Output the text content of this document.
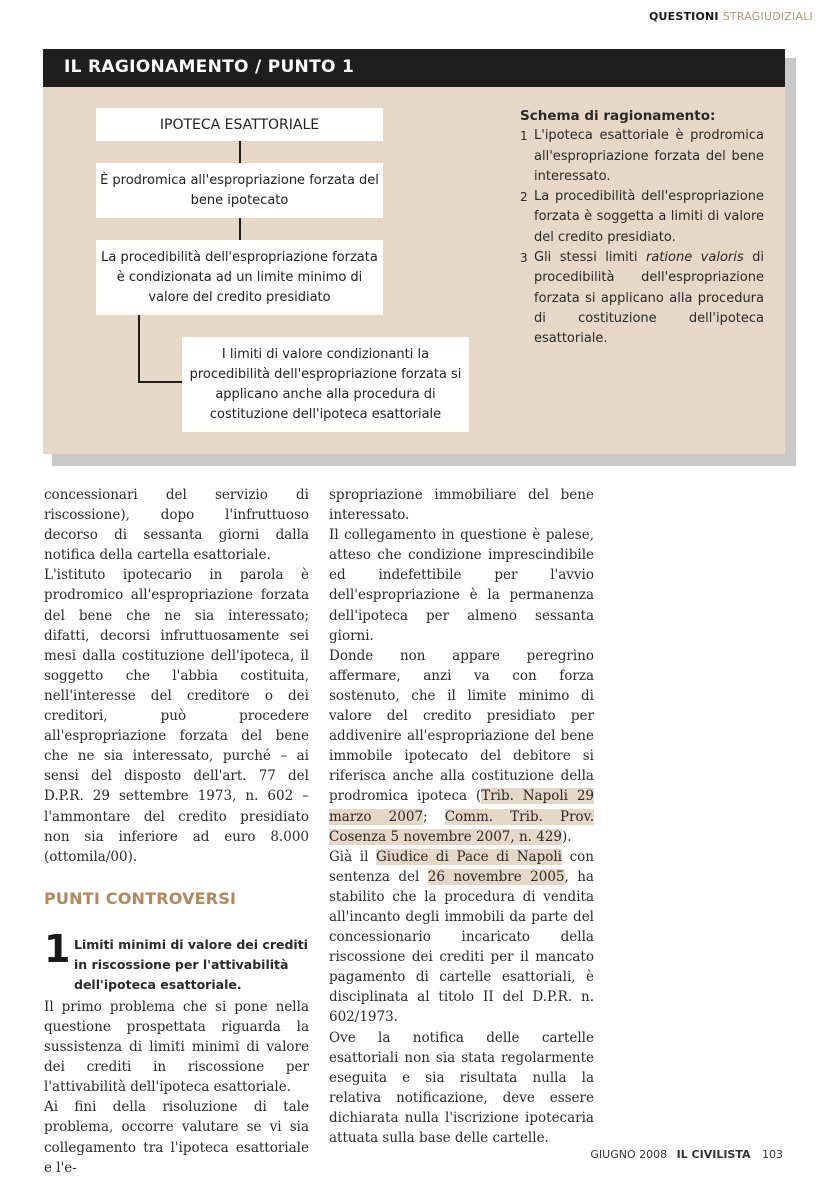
QUESTIONI STRAGIUDIZIALI
IL RAGIONAMENTO / PUNTO 1
IPOTECA ESATTORIALE
È prodromica all'espropriazione forzata del bene ipotecato
La procedibilità dell'espropriazione forzata è condizionata ad un limite minimo di valore del credito presidiato
I limiti di valore condizionanti la procedibilità dell'espropriazione forzata si applicano anche alla procedura di costituzione dell'ipoteca esattoriale
Schema di ragionamento:
1 L'ipoteca esattoriale è prodromica all'espropriazione forzata del bene interessato.
2 La procedibilità dell'espropriazione forzata è soggetta a limiti di valore del credito presidiato.
3 Gli stessi limiti ratione valoris di procedibilità dell'espropriazione forzata si applicano alla procedura di costituzione dell'ipoteca esattoriale.

concessionari del servizio di riscossione), dopo l'infruttuoso decorso di sessanta giorni dalla notifica della cartella esattoriale.

L'istituto ipotecario in parola è prodromico all'espropriazione forzata del bene che ne sia interessato; difatti, decorsi infruttuosamente sei mesi dalla costituzione dell'ipoteca, il soggetto che l'abbia costituita, nell'interesse del creditore o dei creditori, può procedere all'espropriazione forzata del bene che ne sia interessato, purché – ai sensi del disposto dell'art. 77 del D.P.R. 29 settembre 1973, n. 602 – l'ammontare del credito presidiato non sia inferiore ad euro 8.000 (ottomila/00).

PUNTI CONTROVERSI
1 Limiti minimi di valore dei crediti in riscossione per l'attivabilità dell'ipoteca esattoriale.

Il primo problema che si pone nella questione prospettata riguarda la sussistenza di limiti minimi di valore dei crediti in riscossione per l'attivabilità dell'ipoteca esattoriale.

Ai fini della risoluzione di tale problema, occorre valutare se vi sia collegamento tra l'ipoteca esattoriale e l'e-

spropriazione immobiliare del bene interessato.

Il collegamento in questione è palese, atteso che condizione imprescindibile ed indefettibile per l'avvio dell'espropriazione è la permanenza dell'ipoteca per almeno sessanta giorni.

Donde non appare peregrino affermare, anzi va con forza sostenuto, che il limite minimo di valore del credito presidiato per addivenire all'espropriazione del bene immobile ipotecato del debitore si riferisca anche alla costituzione della prodromica ipoteca (Trib. Napoli 29 marzo 2007; Comm. Trib. Prov. Cosenza 5 novembre 2007, n. 429).

Già il Giudice di Pace di Napoli con sentenza del 26 novembre 2005, ha stabilito che la procedura di vendita all'incanto degli immobili da parte del concessionario incaricato della riscossione dei crediti per il mancato pagamento di cartelle esattoriali, è disciplinata al titolo II del D.P.R. n. 602/1973.

Ove la notifica delle cartelle esattoriali non sia stata regolarmente eseguita e sia risultata nulla la relativa notificazione, deve essere dichiarata nulla l'iscrizione ipotecaria attuata sulla base delle cartelle.

GIUGNO 2008 IL CIVILISTA 103
